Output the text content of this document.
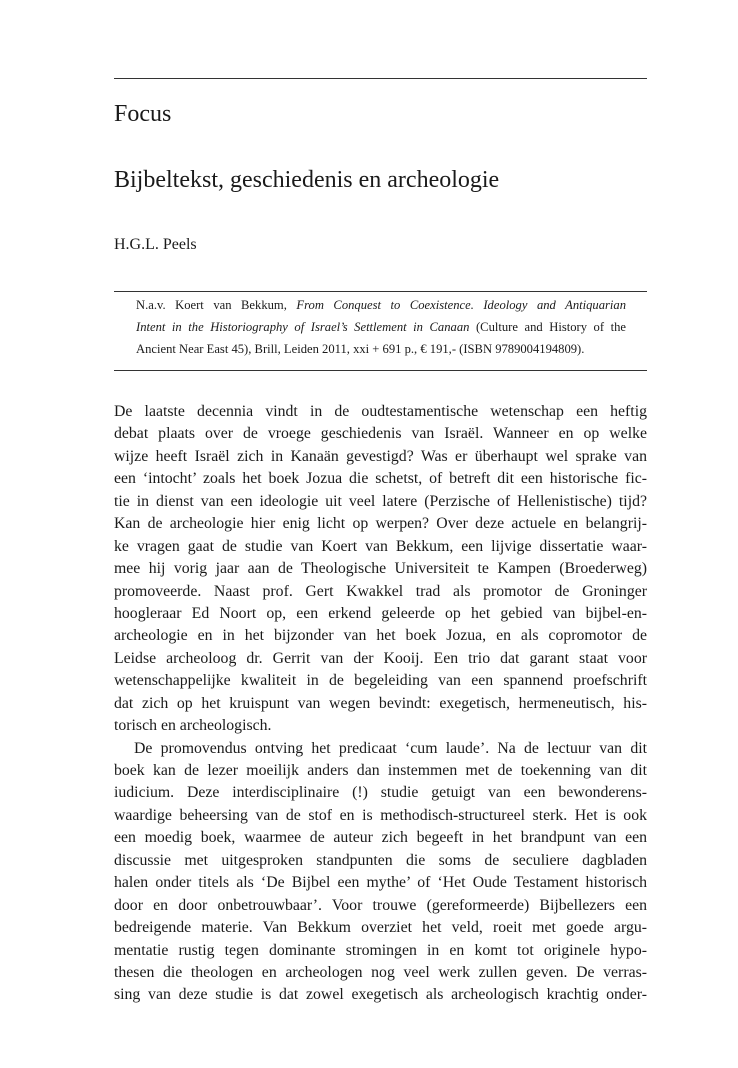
Focus
Bijbeltekst, geschiedenis en archeologie

H.G.L. Peels

N.a.v. Koert van Bekkum, From Conquest to Coexistence. Ideology and Antiquarian
Intent in the Historiography of Israel’s Settlement in Canaan (Culture and History of the
Ancient Near East 45), Brill, Leiden 2011, xxi + 691 p., € 191,- (ISBN 9789004194809).

De laatste decennia vindt in de oudtestamentische wetenschap een heftig
debat plaats over de vroege geschiedenis van Israël. Wanneer en op welke
wijze heeft Israël zich in Kanaän gevestigd? Was er überhaupt wel sprake van
een ‘intocht’ zoals het boek Jozua die schetst, of betreft dit een historische fic-
tie in dienst van een ideologie uit veel latere (Perzische of Hellenistische) tijd?
Kan de archeologie hier enig licht op werpen? Over deze actuele en belangrij-
ke vragen gaat de studie van Koert van Bekkum, een lijvige dissertatie waar-
mee hij vorig jaar aan de Theologische Universiteit te Kampen (Broederweg)
promoveerde. Naast prof. Gert Kwakkel trad als promotor de Groninger
hoogleraar Ed Noort op, een erkend geleerde op het gebied van bijbel-en-
archeologie en in het bijzonder van het boek Jozua, en als copromotor de
Leidse archeoloog dr. Gerrit van der Kooij. Een trio dat garant staat voor
wetenschappelijke kwaliteit in de begeleiding van een spannend proefschrift
dat zich op het kruispunt van wegen bevindt: exegetisch, hermeneutisch, his-
torisch en archeologisch.

De promovendus ontving het predicaat ‘cum laude’. Na de lectuur van dit
boek kan de lezer moeilijk anders dan instemmen met de toekenning van dit
iudicium. Deze interdisciplinaire (!) studie getuigt van een bewonderens-
waardige beheersing van de stof en is methodisch-structureel sterk. Het is ook
een moedig boek, waarmee de auteur zich begeeft in het brandpunt van een
discussie met uitgesproken standpunten die soms de seculiere dagbladen
halen onder titels als ‘De Bijbel een mythe’ of ‘Het Oude Testament historisch
door en door onbetrouwbaar’. Voor trouwe (gereformeerde) Bijbellezers een
bedreigende materie. Van Bekkum overziet het veld, roeit met goede argu-
mentatie rustig tegen dominante stromingen in en komt tot originele hypo-
thesen die theologen en archeologen nog veel werk zullen geven. De verras-
sing van deze studie is dat zowel exegetisch als archeologisch krachtig onder-
